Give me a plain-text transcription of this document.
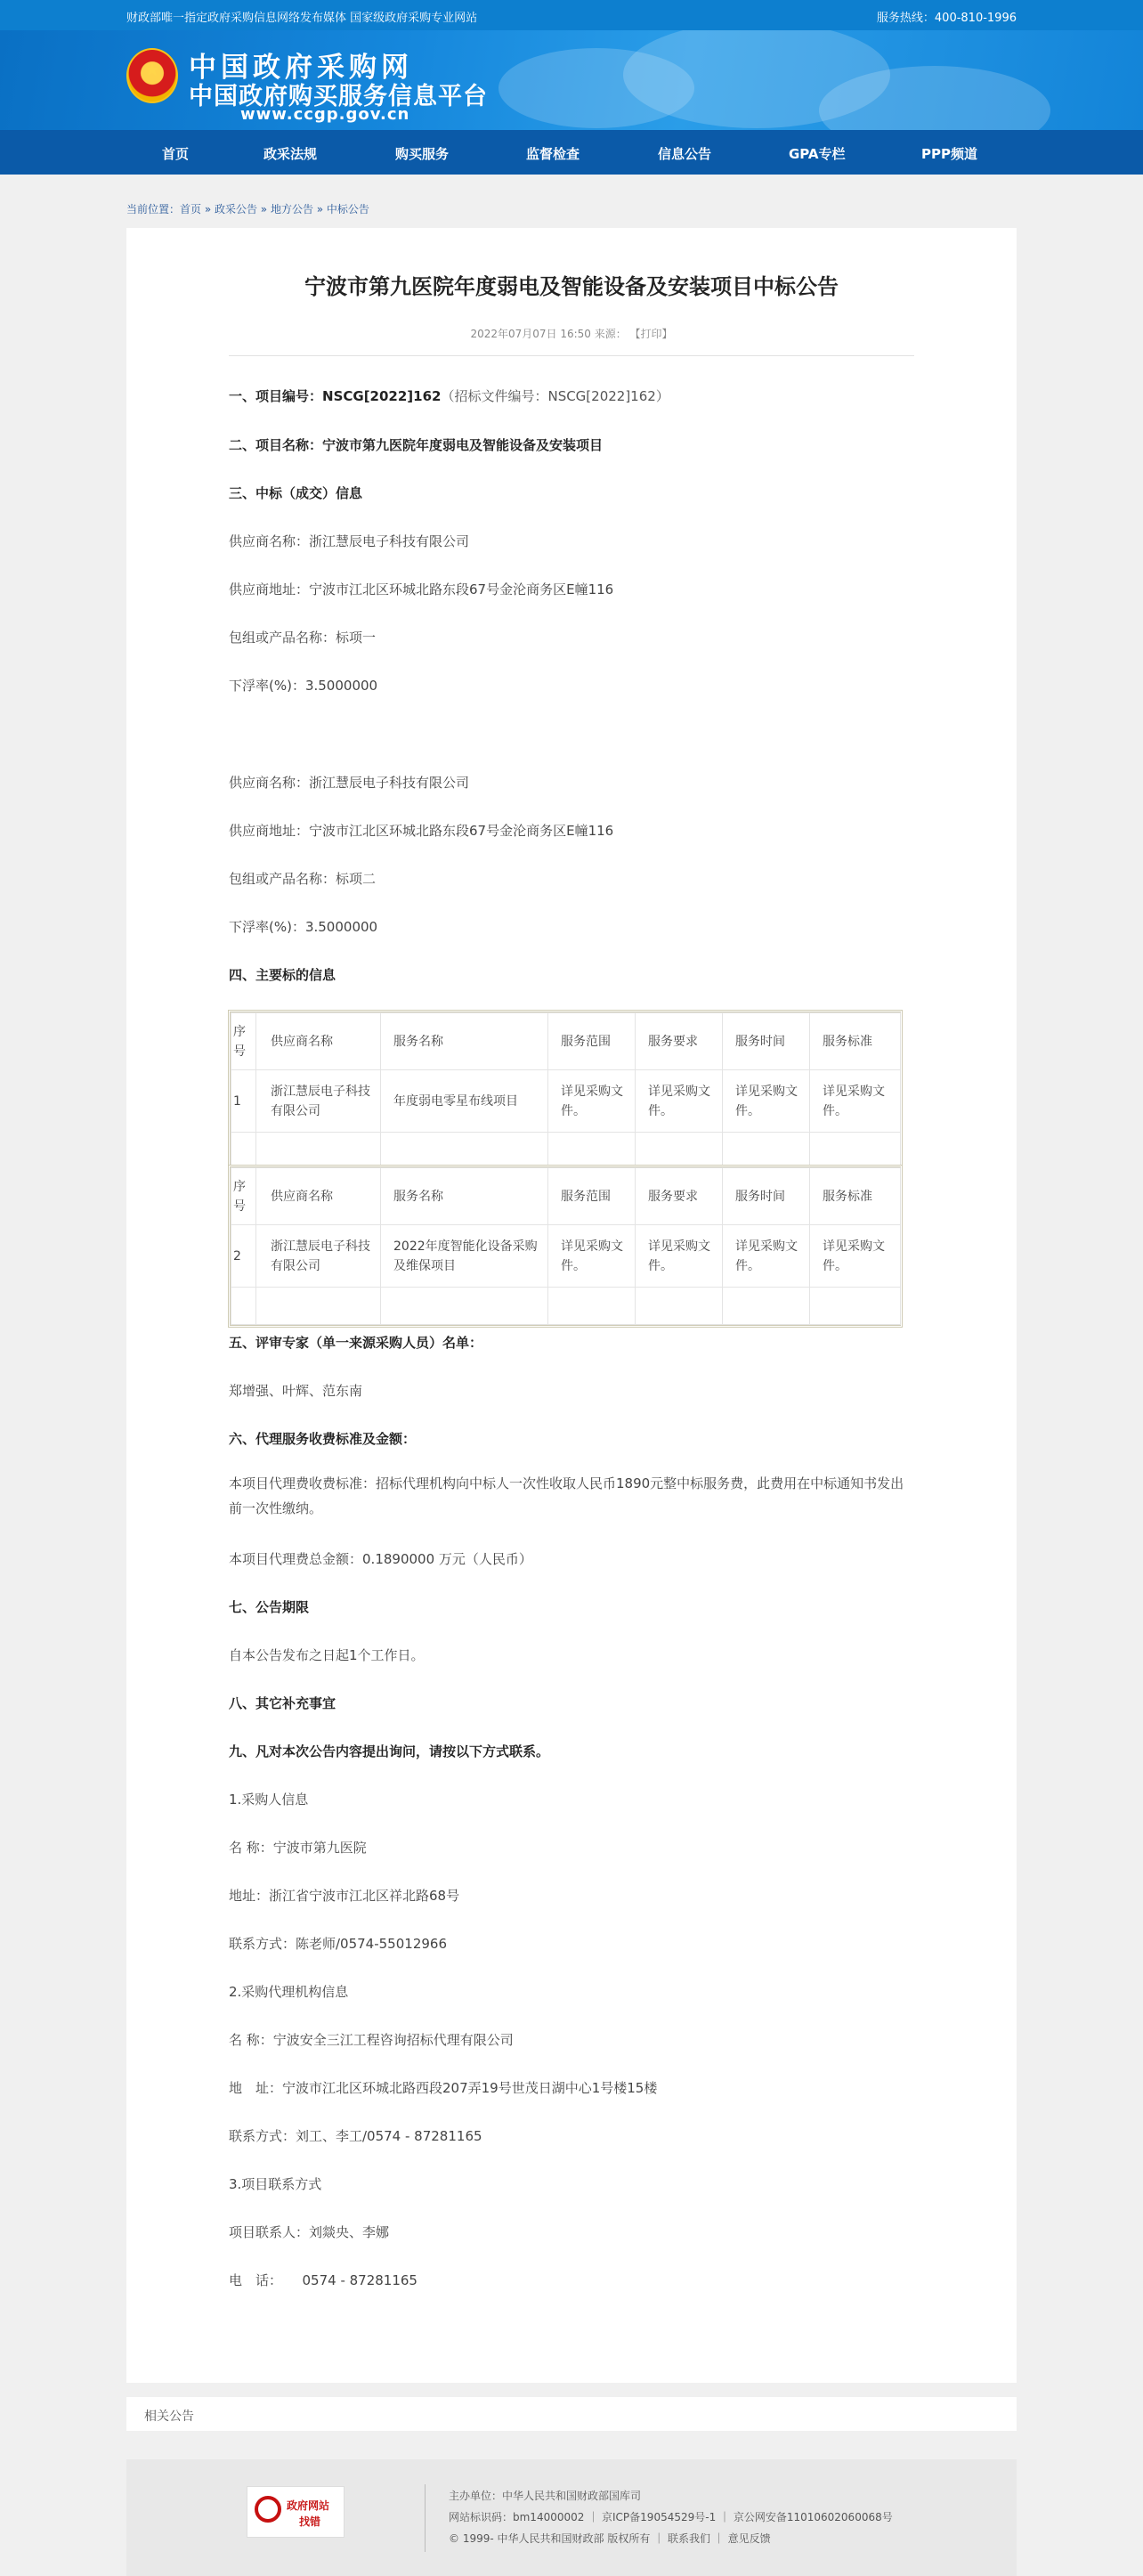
财政部唯一指定政府采购信息网络发布媒体 国家级政府采购专业网站	服务热线：400-810-1996
★ 中国政府采购网
中国政府购买服务信息平台
www.ccgp.gov.cn
首页	政采法规	购买服务	监督检查	信息公告	GPA专栏	PPP频道
当前位置：首页 » 政采公告 » 地方公告 » 中标公告
宁波市第九医院年度弱电及智能设备及安装项目中标公告
2022年07月07日 16:50 来源： 【打印】
一、项目编号：NSCG[2022]162（招标文件编号：NSCG[2022]162）
二、项目名称：宁波市第九医院年度弱电及智能设备及安装项目
三、中标（成交）信息
供应商名称：浙江慧辰电子科技有限公司
供应商地址：宁波市江北区环城北路东段67号金沦商务区E幢116
包组或产品名称：标项一
下浮率(%)：3.5000000
供应商名称：浙江慧辰电子科技有限公司
供应商地址：宁波市江北区环城北路东段67号金沦商务区E幢116
包组或产品名称：标项二
下浮率(%)：3.5000000
四、主要标的信息
序号	供应商名称	服务名称	服务范围	服务要求	服务时间	服务标准
1	浙江慧辰电子科技有限公司	年度弱电零星布线项目	详见采购文件。	详见采购文件。	详见采购文件。	详见采购文件。

序号	供应商名称	服务名称	服务范围	服务要求	服务时间	服务标准
2	浙江慧辰电子科技有限公司	2022年度智能化设备采购及维保项目	详见采购文件。	详见采购文件。	详见采购文件。	详见采购文件。

五、评审专家（单一来源采购人员）名单：
郑增强、叶辉、范东南
六、代理服务收费标准及金额：
本项目代理费收费标准：招标代理机构向中标人一次性收取人民币1890元整中标服务费，此费用在中标通知书发出前一次性缴纳。
本项目代理费总金额：0.1890000 万元（人民币）
七、公告期限
自本公告发布之日起1个工作日。
八、其它补充事宜
九、凡对本次公告内容提出询问，请按以下方式联系。
1.采购人信息
名 称：宁波市第九医院
地址：浙江省宁波市江北区祥北路68号
联系方式：陈老师/0574-55012966
2.采购代理机构信息
名 称：宁波安全三江工程咨询招标代理有限公司
地　址：宁波市江北区环城北路西段207弄19号世茂日湖中心1号楼15楼
联系方式：刘工、李工/0574 - 87281165
3.项目联系方式
项目联系人：刘燚央、李娜
电　话：　　0574 - 87281165
相关公告
政府网站
找错
主办单位：中华人民共和国财政部国库司
网站标识码：bm14000002 ｜ 京ICP备19054529号-1 ｜ 京公网安备11010602060068号
© 1999- 中华人民共和国财政部 版权所有 ｜ 联系我们 ｜ 意见反馈
